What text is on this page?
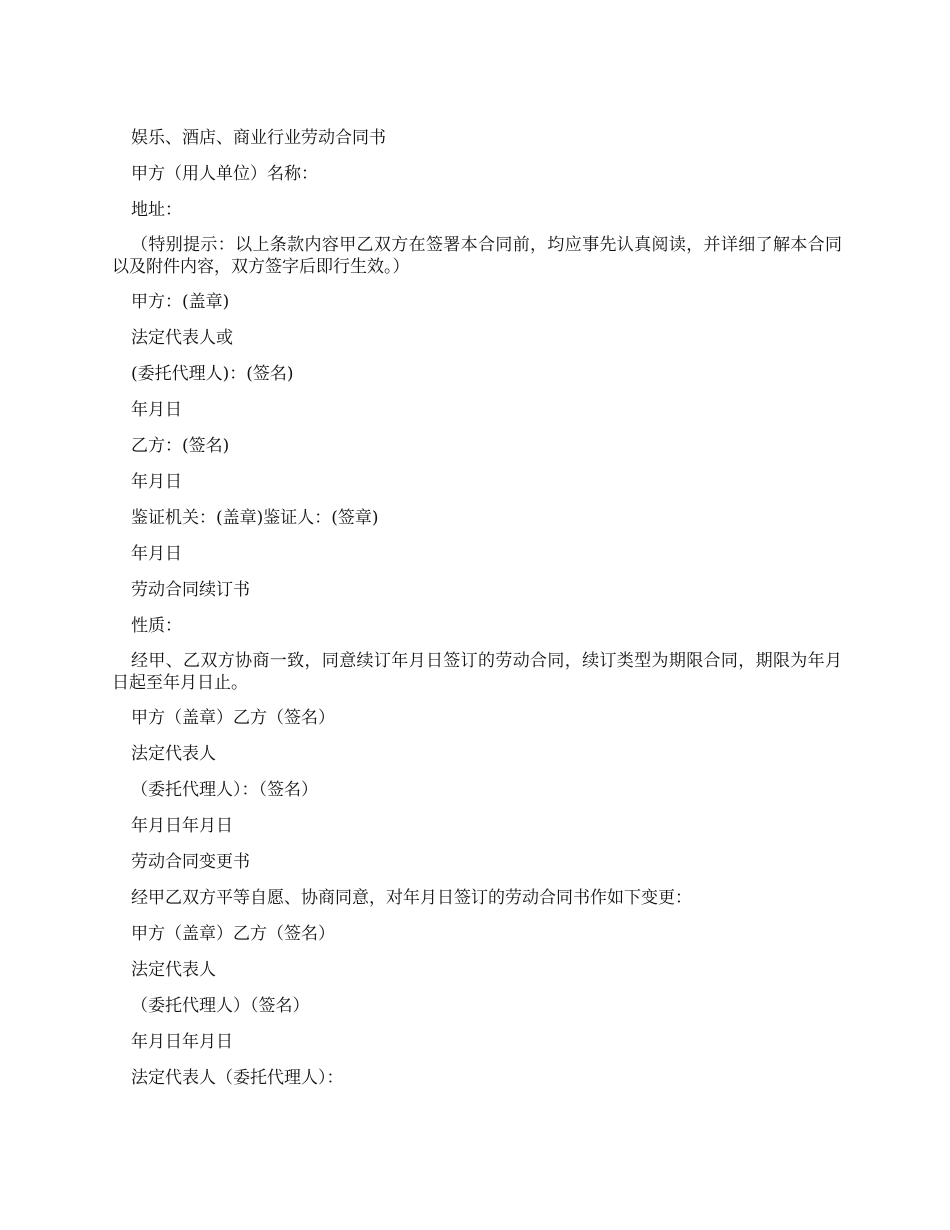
娱乐、酒店、商业行业劳动合同书

甲方（用人单位）名称：

地址：

（特别提示：以上条款内容甲乙双方在签署本合同前，均应事先认真阅读，并详细了解本合同以及附件内容，双方签字后即行生效。）

甲方：(盖章)

法定代表人或

(委托代理人)：(签名)

年月日

乙方：(签名)

年月日

鉴证机关：(盖章)鉴证人：(签章)

年月日

劳动合同续订书

性质：

经甲、乙双方协商一致，同意续订年月日签订的劳动合同，续订类型为期限合同，期限为年月日起至年月日止。

甲方（盖章）乙方（签名）

法定代表人

（委托代理人）：（签名）

年月日年月日

劳动合同变更书

经甲乙双方平等自愿、协商同意，对年月日签订的劳动合同书作如下变更：

甲方（盖章）乙方（签名）

法定代表人

（委托代理人）（签名）

年月日年月日

法定代表人（委托代理人）：
